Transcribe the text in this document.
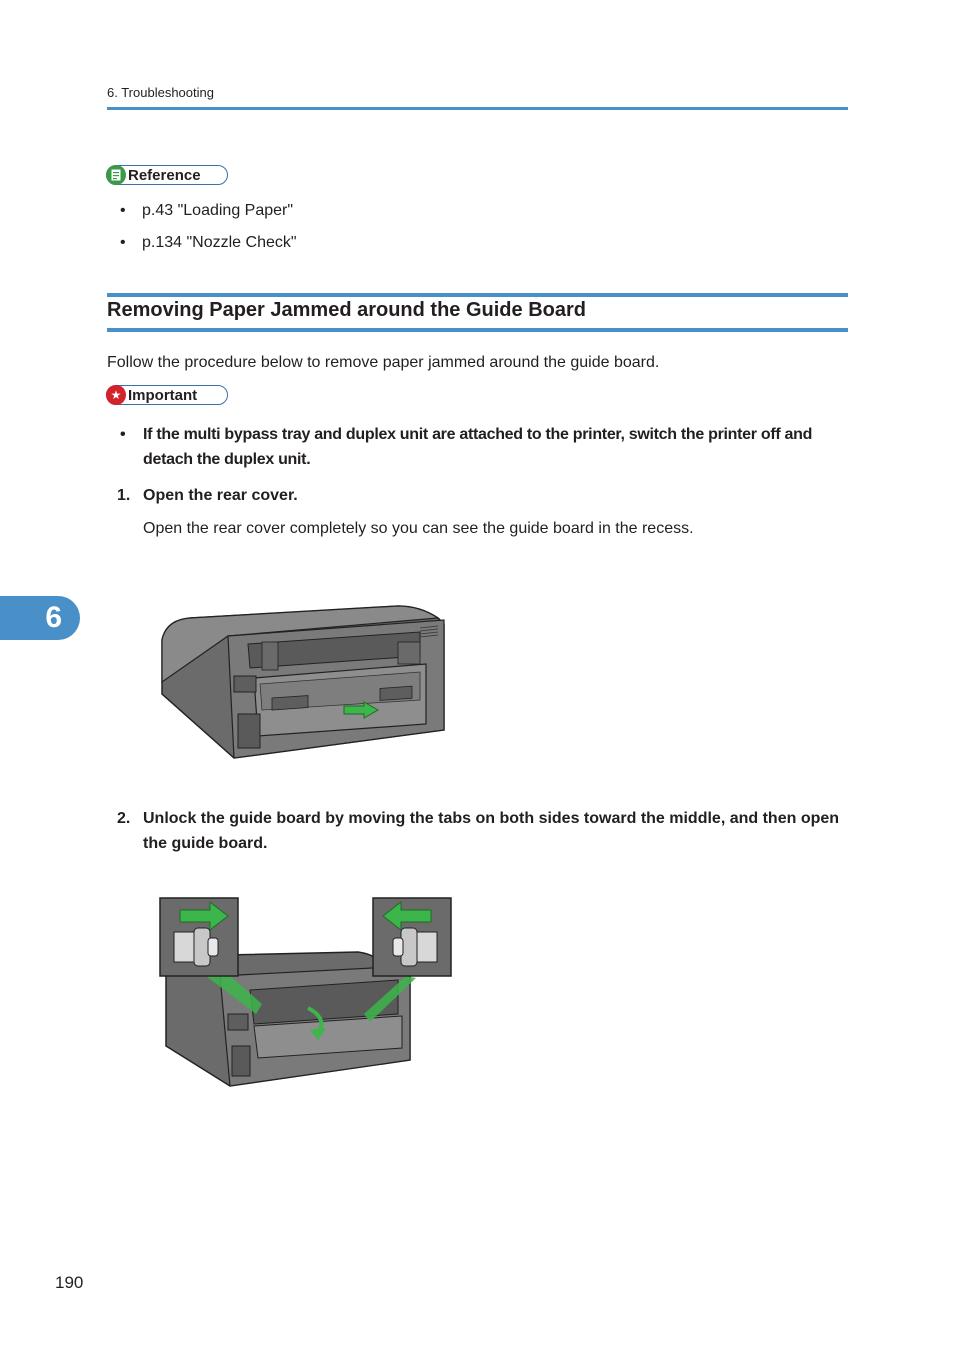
6. Troubleshooting
Reference
• p.43 "Loading Paper"
• p.134 "Nozzle Check"
Removing Paper Jammed around the Guide Board
Follow the procedure below to remove paper jammed around the guide board.
★ Important
• If the multi bypass tray and duplex unit are attached to the printer, switch the printer off and detach the duplex unit.
1. Open the rear cover.
Open the rear cover completely so you can see the guide board in the recess.
2. Unlock the guide board by moving the tabs on both sides toward the middle, and then open the guide board.
6
190
